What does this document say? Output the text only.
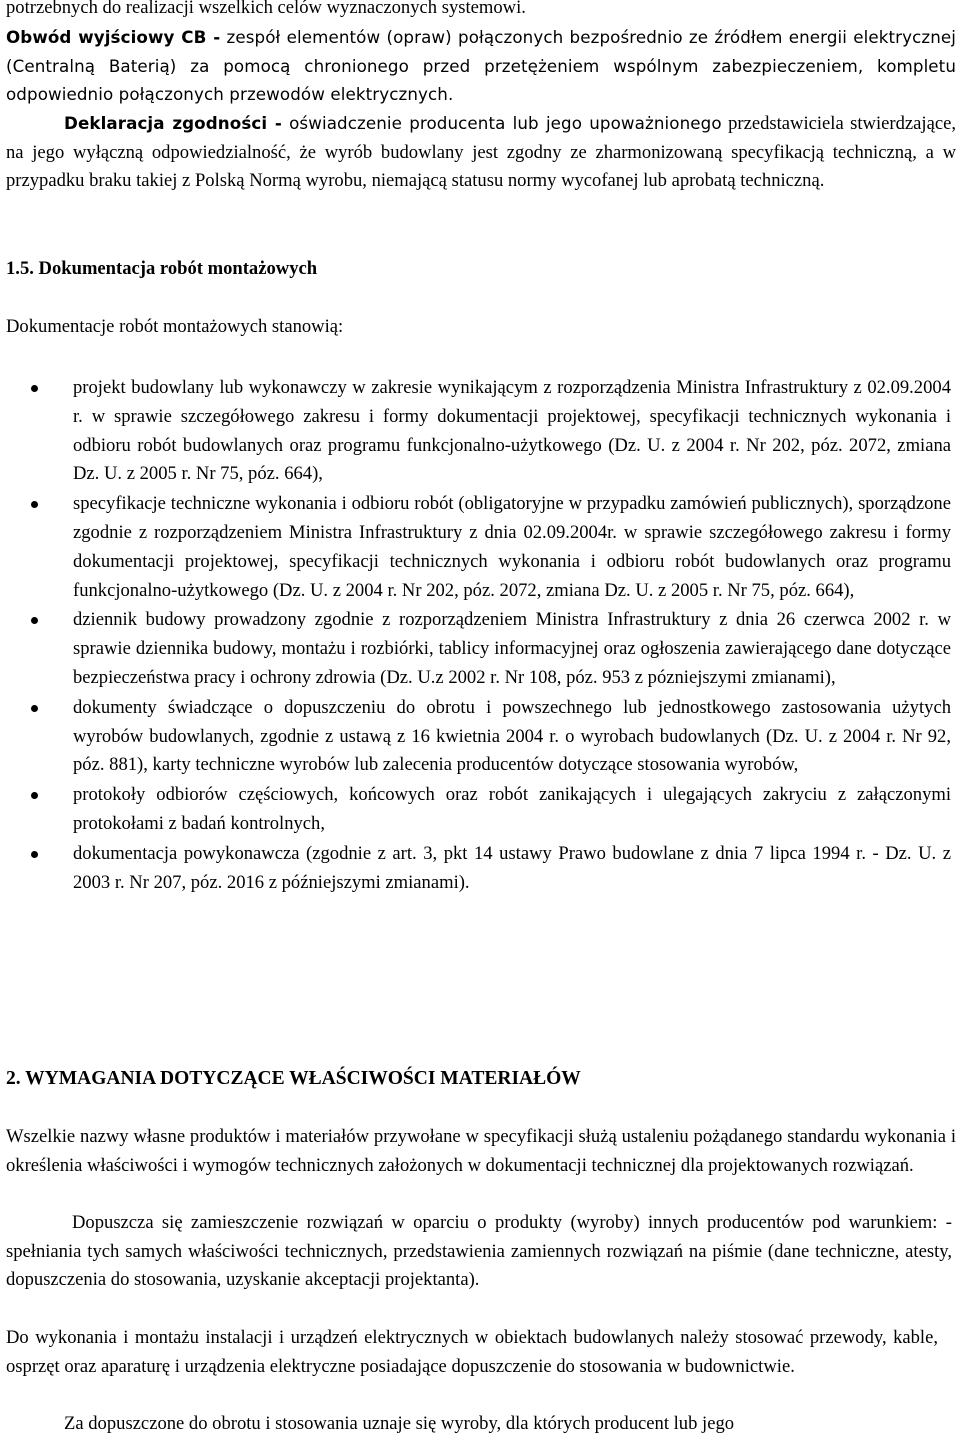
potrzebnych do realizacji wszelkich celów wyznaczonych systemowi.

Obwód wyjściowy CB - zespół elementów (opraw) połączonych bezpośrednio ze źródłem energii elektrycznej (Centralną Baterią) za pomocą chronionego przed przetężeniem wspólnym zabezpieczeniem, kompletu odpowiednio połączonych przewodów elektrycznych.

Deklaracja zgodności - oświadczenie producenta lub jego upoważnionego przedstawiciela stwierdzające, na jego wyłączną odpowiedzialność, że wyrób budowlany jest zgodny ze zharmonizowaną specyfikacją techniczną, a w przypadku braku takiej z Polską Normą wyrobu, niemającą statusu normy wycofanej lub aprobatą techniczną.

1.5. Dokumentacja robót montażowych

Dokumentacje robót montażowych stanowią:

projekt budowlany lub wykonawczy w zakresie wynikającym z rozporządzenia Ministra Infrastruktury z 02.09.2004 r. w sprawie szczegółowego zakresu i formy dokumentacji projektowej, specyfikacji technicznych wykonania i odbioru robót budowlanych oraz programu funkcjonalno-użytkowego (Dz. U. z 2004 r. Nr 202, póz. 2072, zmiana Dz. U. z 2005 r. Nr 75, póz. 664),
specyfikacje techniczne wykonania i odbioru robót (obligatoryjne w przypadku zamówień publicznych), sporządzone zgodnie z rozporządzeniem Ministra Infrastruktury z dnia 02.09.2004r. w sprawie szczegółowego zakresu i formy dokumentacji projektowej, specyfikacji technicznych wykonania i odbioru robót budowlanych oraz programu funkcjonalno-użytkowego (Dz. U. z 2004 r. Nr 202, póz. 2072, zmiana Dz. U. z 2005 r. Nr 75, póz. 664),
dziennik budowy prowadzony zgodnie z rozporządzeniem Ministra Infrastruktury z dnia 26 czerwca 2002 r. w sprawie dziennika budowy, montażu i rozbiórki, tablicy informacyjnej oraz ogłoszenia zawierającego dane dotyczące bezpieczeństwa pracy i ochrony zdrowia (Dz. U.z 2002 r. Nr 108, póz. 953 z pózniejszymi zmianami),
dokumenty świadczące o dopuszczeniu do obrotu i powszechnego lub jednostkowego zastosowania użytych wyrobów budowlanych, zgodnie z ustawą z 16 kwietnia 2004 r. o wyrobach budowlanych (Dz. U. z 2004 r. Nr 92, póz. 881), karty techniczne wyrobów lub zalecenia producentów dotyczące stosowania wyrobów,
protokoły odbiorów częściowych, końcowych oraz robót zanikających i ulegających zakryciu z załączonymi protokołami z badań kontrolnych,
dokumentacja powykonawcza (zgodnie z art. 3, pkt 14 ustawy Prawo budowlane z dnia 7 lipca 1994 r. - Dz. U. z 2003 r. Nr 207, póz. 2016 z późniejszymi zmianami).

2. WYMAGANIA DOTYCZĄCE WŁAŚCIWOŚCI MATERIAŁÓW

Wszelkie nazwy własne produktów i materiałów przywołane w specyfikacji służą ustaleniu pożądanego standardu wykonania i określenia właściwości i wymogów technicznych założonych w dokumentacji technicznej dla projektowanych rozwiązań.

Dopuszcza się zamieszczenie rozwiązań w oparciu o produkty (wyroby) innych producentów pod warunkiem: - spełniania tych samych właściwości technicznych, przedstawienia zamiennych rozwiązań na piśmie (dane techniczne, atesty, dopuszczenia do stosowania, uzyskanie akceptacji projektanta).

Do wykonania i montażu instalacji i urządzeń elektrycznych w obiektach budowlanych należy stosować przewody, kable, osprzęt oraz aparaturę i urządzenia elektryczne posiadające dopuszczenie do stosowania w budownictwie.

Za dopuszczone do obrotu i stosowania uznaje się wyroby, dla których producent lub jego
